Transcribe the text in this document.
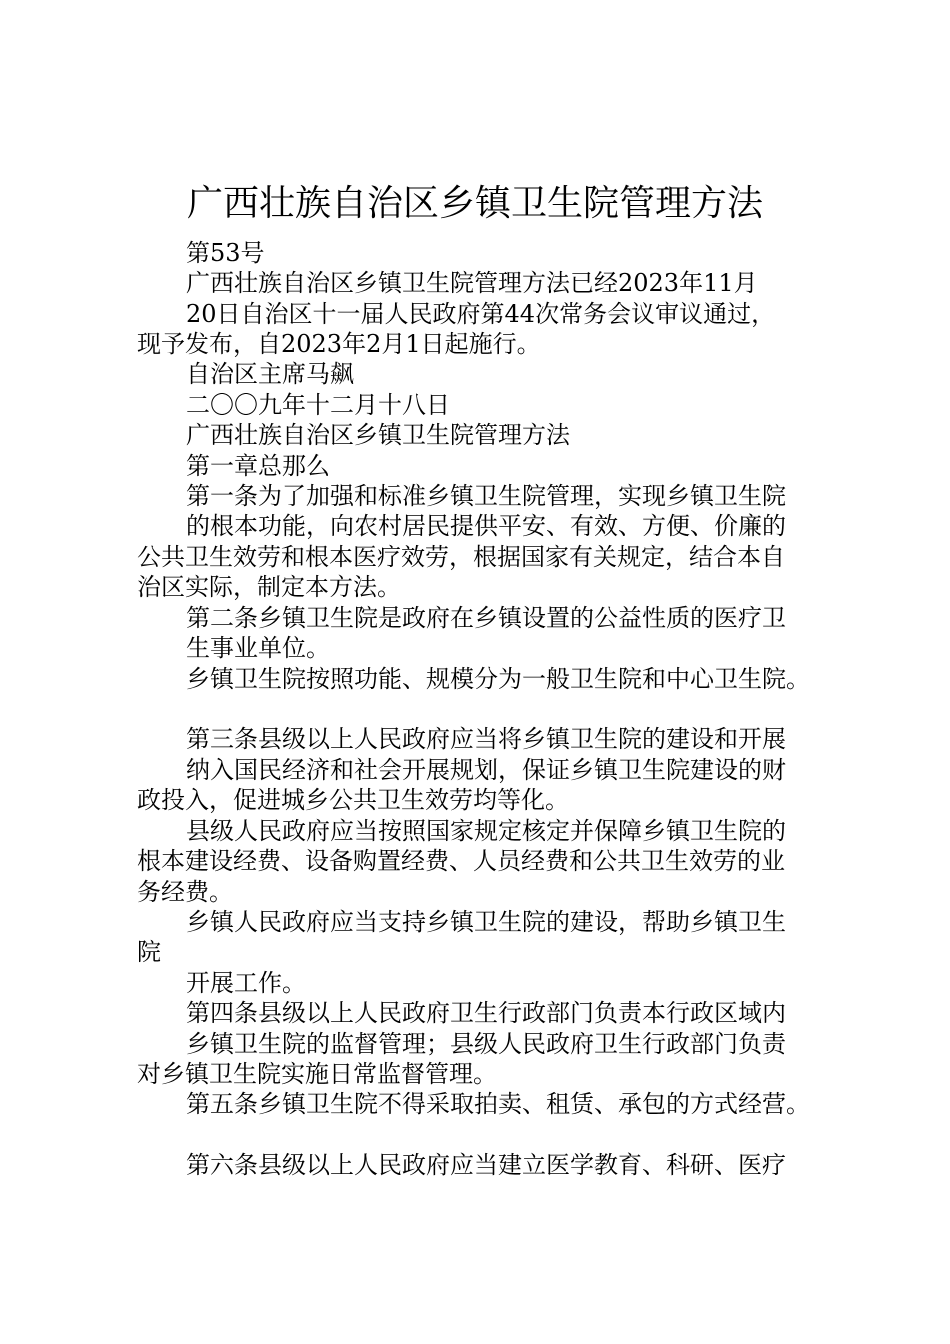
广西壮族自治区乡镇卫生院管理方法
第53号
广西壮族自治区乡镇卫生院管理方法已经2023年11月
20日自治区十一届人民政府第44次常务会议审议通过，
现予发布，自2023年2月1日起施行。
自治区主席马飙
二〇〇九年十二月十八日
广西壮族自治区乡镇卫生院管理方法
第一章总那么
第一条为了加强和标准乡镇卫生院管理，实现乡镇卫生院
的根本功能，向农村居民提供平安、有效、方便、价廉的
公共卫生效劳和根本医疗效劳，根据国家有关规定，结合本自
治区实际，制定本方法。
第二条乡镇卫生院是政府在乡镇设置的公益性质的医疗卫
生事业单位。
乡镇卫生院按照功能、规模分为一般卫生院和中心卫生院。
第三条县级以上人民政府应当将乡镇卫生院的建设和开展
纳入国民经济和社会开展规划，保证乡镇卫生院建设的财
政投入，促进城乡公共卫生效劳均等化。
县级人民政府应当按照国家规定核定并保障乡镇卫生院的
根本建设经费、设备购置经费、人员经费和公共卫生效劳的业
务经费。
乡镇人民政府应当支持乡镇卫生院的建设，帮助乡镇卫生
院
开展工作。
第四条县级以上人民政府卫生行政部门负责本行政区域内
乡镇卫生院的监督管理；县级人民政府卫生行政部门负责
对乡镇卫生院实施日常监督管理。
第五条乡镇卫生院不得采取拍卖、租赁、承包的方式经营。
第六条县级以上人民政府应当建立医学教育、科研、医疗
